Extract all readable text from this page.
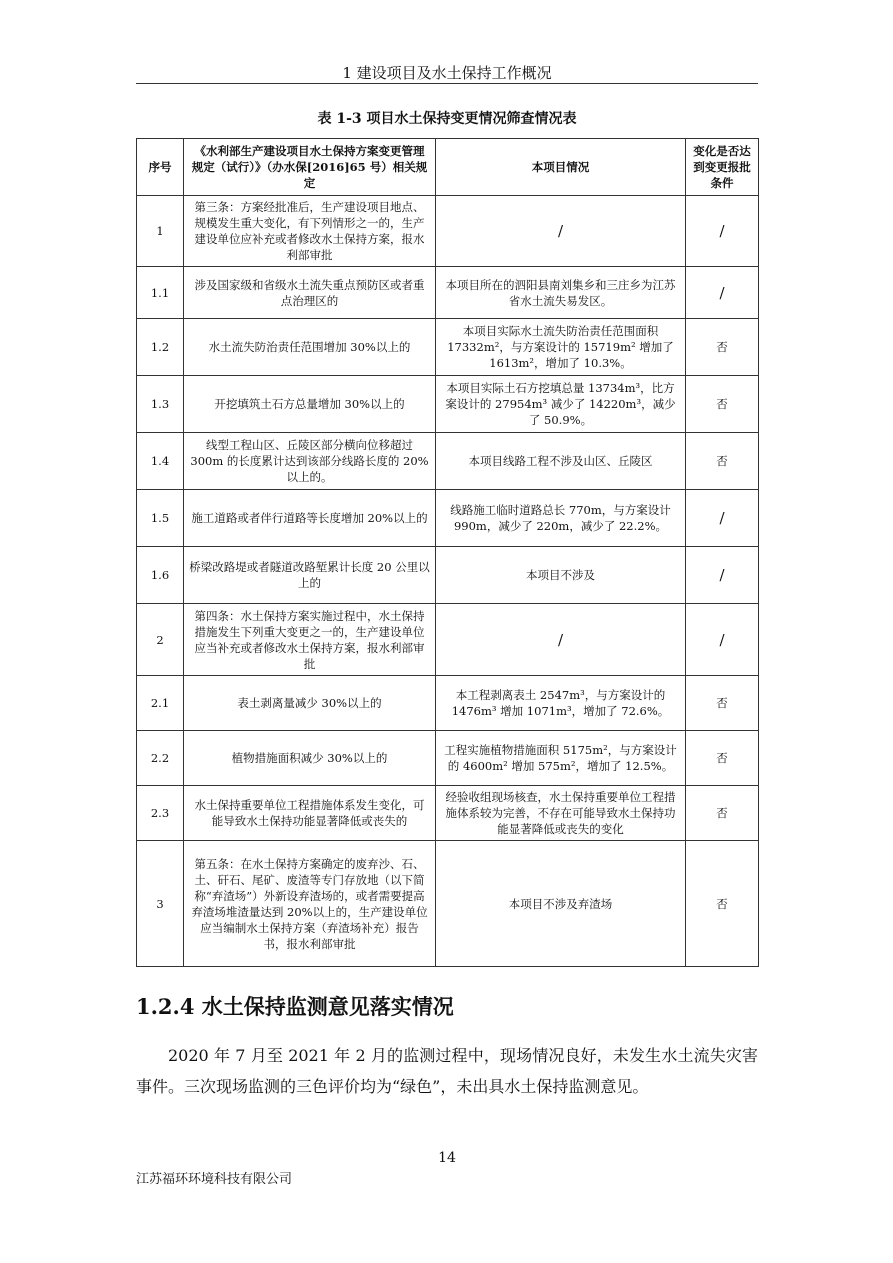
1 建设项目及水土保持工作概况
表 1-3 项目水土保持变更情况筛查情况表
序号	《水利部生产建设项目水土保持方案变更管理规定（试行）》（办水保[2016]65 号）相关规定	本项目情况	变化是否达到变更报批条件
1	第三条：方案经批准后，生产建设项目地点、规模发生重大变化，有下列情形之一的，生产建设单位应补充或者修改水土保持方案，报水利部审批	/	/
1.1	涉及国家级和省级水土流失重点预防区或者重点治理区的	本项目所在的泗阳县南刘集乡和三庄乡为江苏省水土流失易发区。	/
1.2	水土流失防治责任范围增加 30%以上的	本项目实际水土流失防治责任范围面积 17332m²，与方案设计的 15719m² 增加了 1613m²，增加了 10.3%。	否
1.3	开挖填筑土石方总量增加 30%以上的	本项目实际土石方挖填总量 13734m³，比方案设计的 27954m³ 减少了 14220m³，减少了 50.9%。	否
1.4	线型工程山区、丘陵区部分横向位移超过 300m 的长度累计达到该部分线路长度的 20%以上的。	本项目线路工程不涉及山区、丘陵区	否
1.5	施工道路或者伴行道路等长度增加 20%以上的	线路施工临时道路总长 770m，与方案设计 990m，减少了 220m，减少了 22.2%。	/
1.6	桥梁改路堤或者隧道改路堑累计长度 20 公里以上的	本项目不涉及	/
2	第四条：水土保持方案实施过程中，水土保持措施发生下列重大变更之一的，生产建设单位应当补充或者修改水土保持方案，报水利部审批	/	/
2.1	表土剥离量减少 30%以上的	本工程剥离表土 2547m³，与方案设计的 1476m³ 增加 1071m³，增加了 72.6%。	否
2.2	植物措施面积减少 30%以上的	工程实施植物措施面积 5175m²，与方案设计的 4600m² 增加 575m²，增加了 12.5%。	否
2.3	水土保持重要单位工程措施体系发生变化，可能导致水土保持功能显著降低或丧失的	经验收组现场核查，水土保持重要单位工程措施体系较为完善，不存在可能导致水土保持功能显著降低或丧失的变化	否
3	第五条：在水土保持方案确定的废弃沙、石、土、矸石、尾矿、废渣等专门存放地（以下简称“弃渣场”）外新设弃渣场的，或者需要提高弃渣场堆渣量达到 20%以上的，生产建设单位应当编制水土保持方案（弃渣场补充）报告书，报水利部审批	本项目不涉及弃渣场	否
1.2.4 水土保持监测意见落实情况

2020 年 7 月至 2021 年 2 月的监测过程中，现场情况良好，未发生水土流失灾害事件。三次现场监测的三色评价均为“绿色”，未出具水土保持监测意见。

14
江苏福环环境科技有限公司
